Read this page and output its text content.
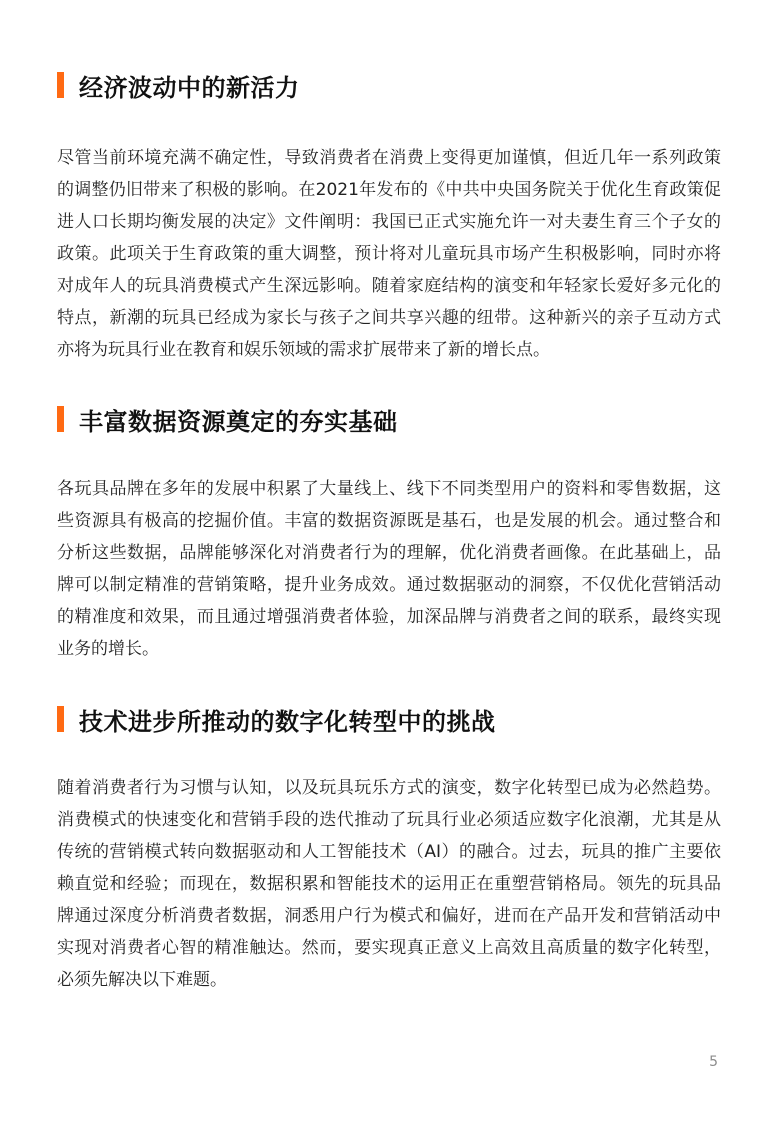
经济波动中的新活力

尽管当前环境充满不确定性，导致消费者在消费上变得更加谨慎，但近几年一系列政策
的调整仍旧带来了积极的影响。在2021年发布的《中共中央国务院关于优化生育政策促
进人口长期均衡发展的决定》文件阐明：我国已正式实施允许一对夫妻生育三个子女的
政策。此项关于生育政策的重大调整，预计将对儿童玩具市场产生积极影响，同时亦将
对成年人的玩具消费模式产生深远影响。随着家庭结构的演变和年轻家长爱好多元化的
特点，新潮的玩具已经成为家长与孩子之间共享兴趣的纽带。这种新兴的亲子互动方式
亦将为玩具行业在教育和娱乐领域的需求扩展带来了新的增长点。

丰富数据资源奠定的夯实基础

各玩具品牌在多年的发展中积累了大量线上、线下不同类型用户的资料和零售数据，这
些资源具有极高的挖掘价值。丰富的数据资源既是基石，也是发展的机会。通过整合和
分析这些数据，品牌能够深化对消费者行为的理解，优化消费者画像。在此基础上，品
牌可以制定精准的营销策略，提升业务成效。通过数据驱动的洞察，不仅优化营销活动
的精准度和效果，而且通过增强消费者体验，加深品牌与消费者之间的联系，最终实现
业务的增长。

技术进步所推动的数字化转型中的挑战

随着消费者行为习惯与认知，以及玩具玩乐方式的演变，数字化转型已成为必然趋势。
消费模式的快速变化和营销手段的迭代推动了玩具行业必须适应数字化浪潮，尤其是从
传统的营销模式转向数据驱动和人工智能技术（AI）的融合。过去，玩具的推广主要依
赖直觉和经验；而现在，数据积累和智能技术的运用正在重塑营销格局。领先的玩具品
牌通过深度分析消费者数据，洞悉用户行为模式和偏好，进而在产品开发和营销活动中
实现对消费者心智的精准触达。然而，要实现真正意义上高效且高质量的数字化转型，
必须先解决以下难题。

5
